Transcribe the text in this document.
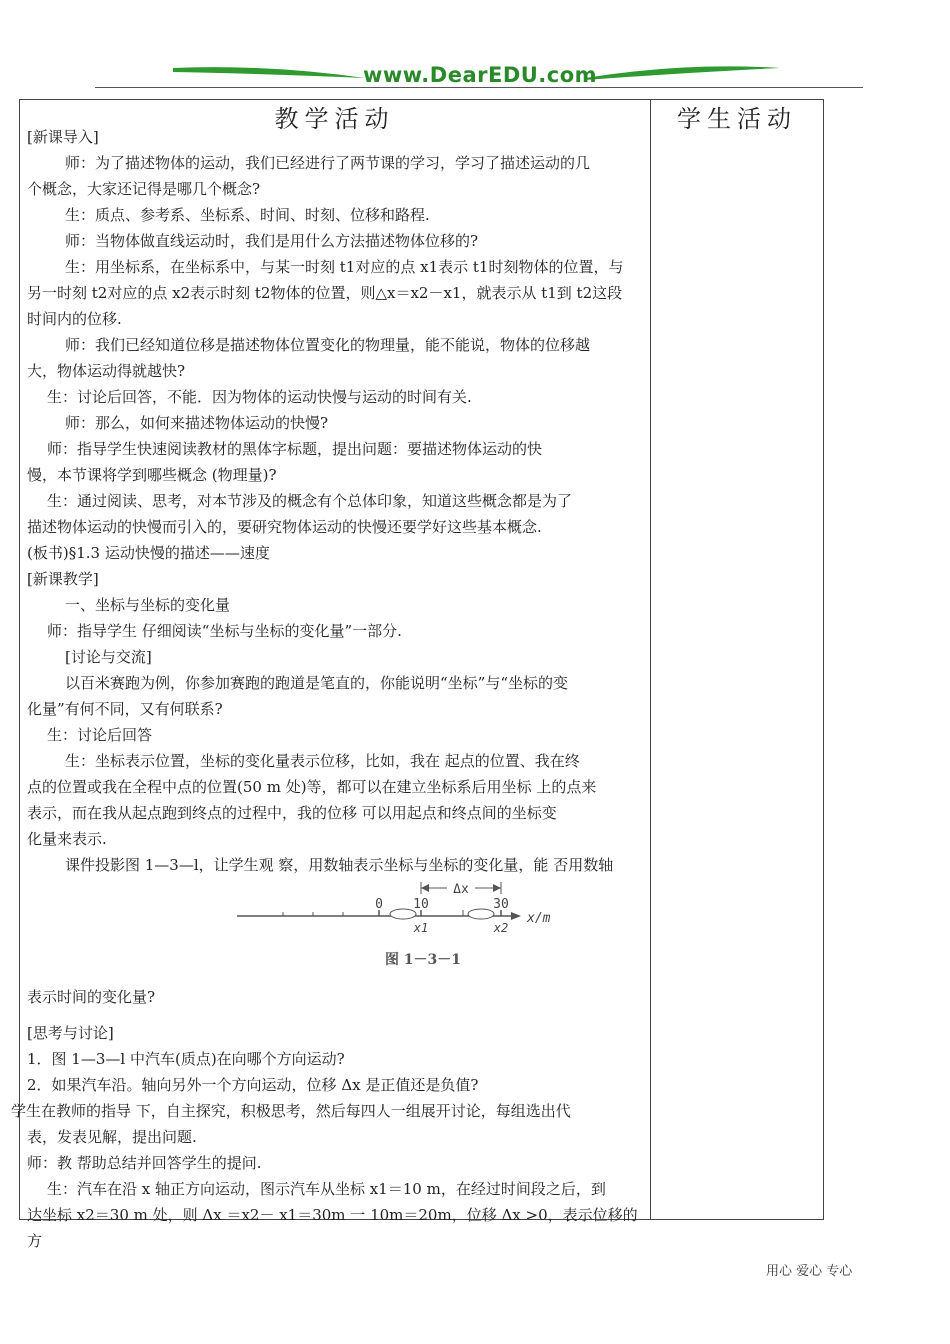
www.DearEDU.com
教学活动	学生活动

[新课导入]

师：为了描述物体的运动，我们已经进行了两节课的学习，学习了描述运动的几

个概念，大家还记得是哪几个概念?

生：质点、参考系、坐标系、时间、时刻、位移和路程.

师：当物体做直线运动时，我们是用什么方法描述物体位移的?

生：用坐标系，在坐标系中，与某一时刻 t1对应的点 x1表示 t1时刻物体的位置，与

另一时刻 t2对应的点 x2表示时刻 t2物体的位置，则△x＝x2－x1，就表示从 t1到 t2这段

时间内的位移.

师：我们已经知道位移是描述物体位置变化的物理量，能不能说，物体的位移越

大，物体运动得就越快?

生：讨论后回答，不能．因为物体的运动快慢与运动的时间有关.

师：那么，如何来描述物体运动的快慢?

师：指导学生快速阅读教材的黑体字标题，提出问题：要描述物体运动的快

慢，本节课将学到哪些概念 (物理量)?

生：通过阅读、思考，对本节涉及的概念有个总体印象，知道这些概念都是为了

描述物体运动的快慢而引入的，要研究物体运动的快慢还要学好这些基本概念.

(板书)§1.3 运动快慢的描述——速度

[新课教学]

一、坐标与坐标的变化量

师：指导学生 仔细阅读“坐标与坐标的变化量”一部分.

[讨论与交流]

以百米赛跑为例，你参加赛跑的跑道是笔直的，你能说明“坐标”与“坐标的变

化量”有何不同，又有何联系?

生：讨论后回答

生：坐标表示位置，坐标的变化量表示位移，比如，我在 起点的位置、我在终

点的位置或我在全程中点的位置(50 m 处)等，都可以在建立坐标系后用坐标 上的点来

表示，而在我从起点跑到终点的过程中，我的位移 可以用起点和终点间的坐标变

化量来表示.

课件投影图 1—3—l，让学生观 察，用数轴表示坐标与坐标的变化量，能 否用数轴

Δx
0 10	30
x1	x2
x/m
图 1－3－1

表示时间的变化量?

[思考与讨论]

1．图 1—3—l 中汽车(质点)在向哪个方向运动?

2．如果汽车沿。轴向另外一个方向运动，位移 Δx 是正值还是负值?

学生在教师的指导 下，自主探究，积极思考，然后每四人一组展开讨论，每组选出代

表，发表见解，提出问题.

师：教 帮助总结并回答学生的提问.

生：汽车在沿 x 轴正方向运动，图示汽车从坐标 x1＝10 m，在经过时间段之后，到

达坐标 x2＝30 m 处，则 Δx ＝x2－ x1＝30m 一 10m＝20m，位移 Δx >0，表示位移的方

用心 爱心 专心
